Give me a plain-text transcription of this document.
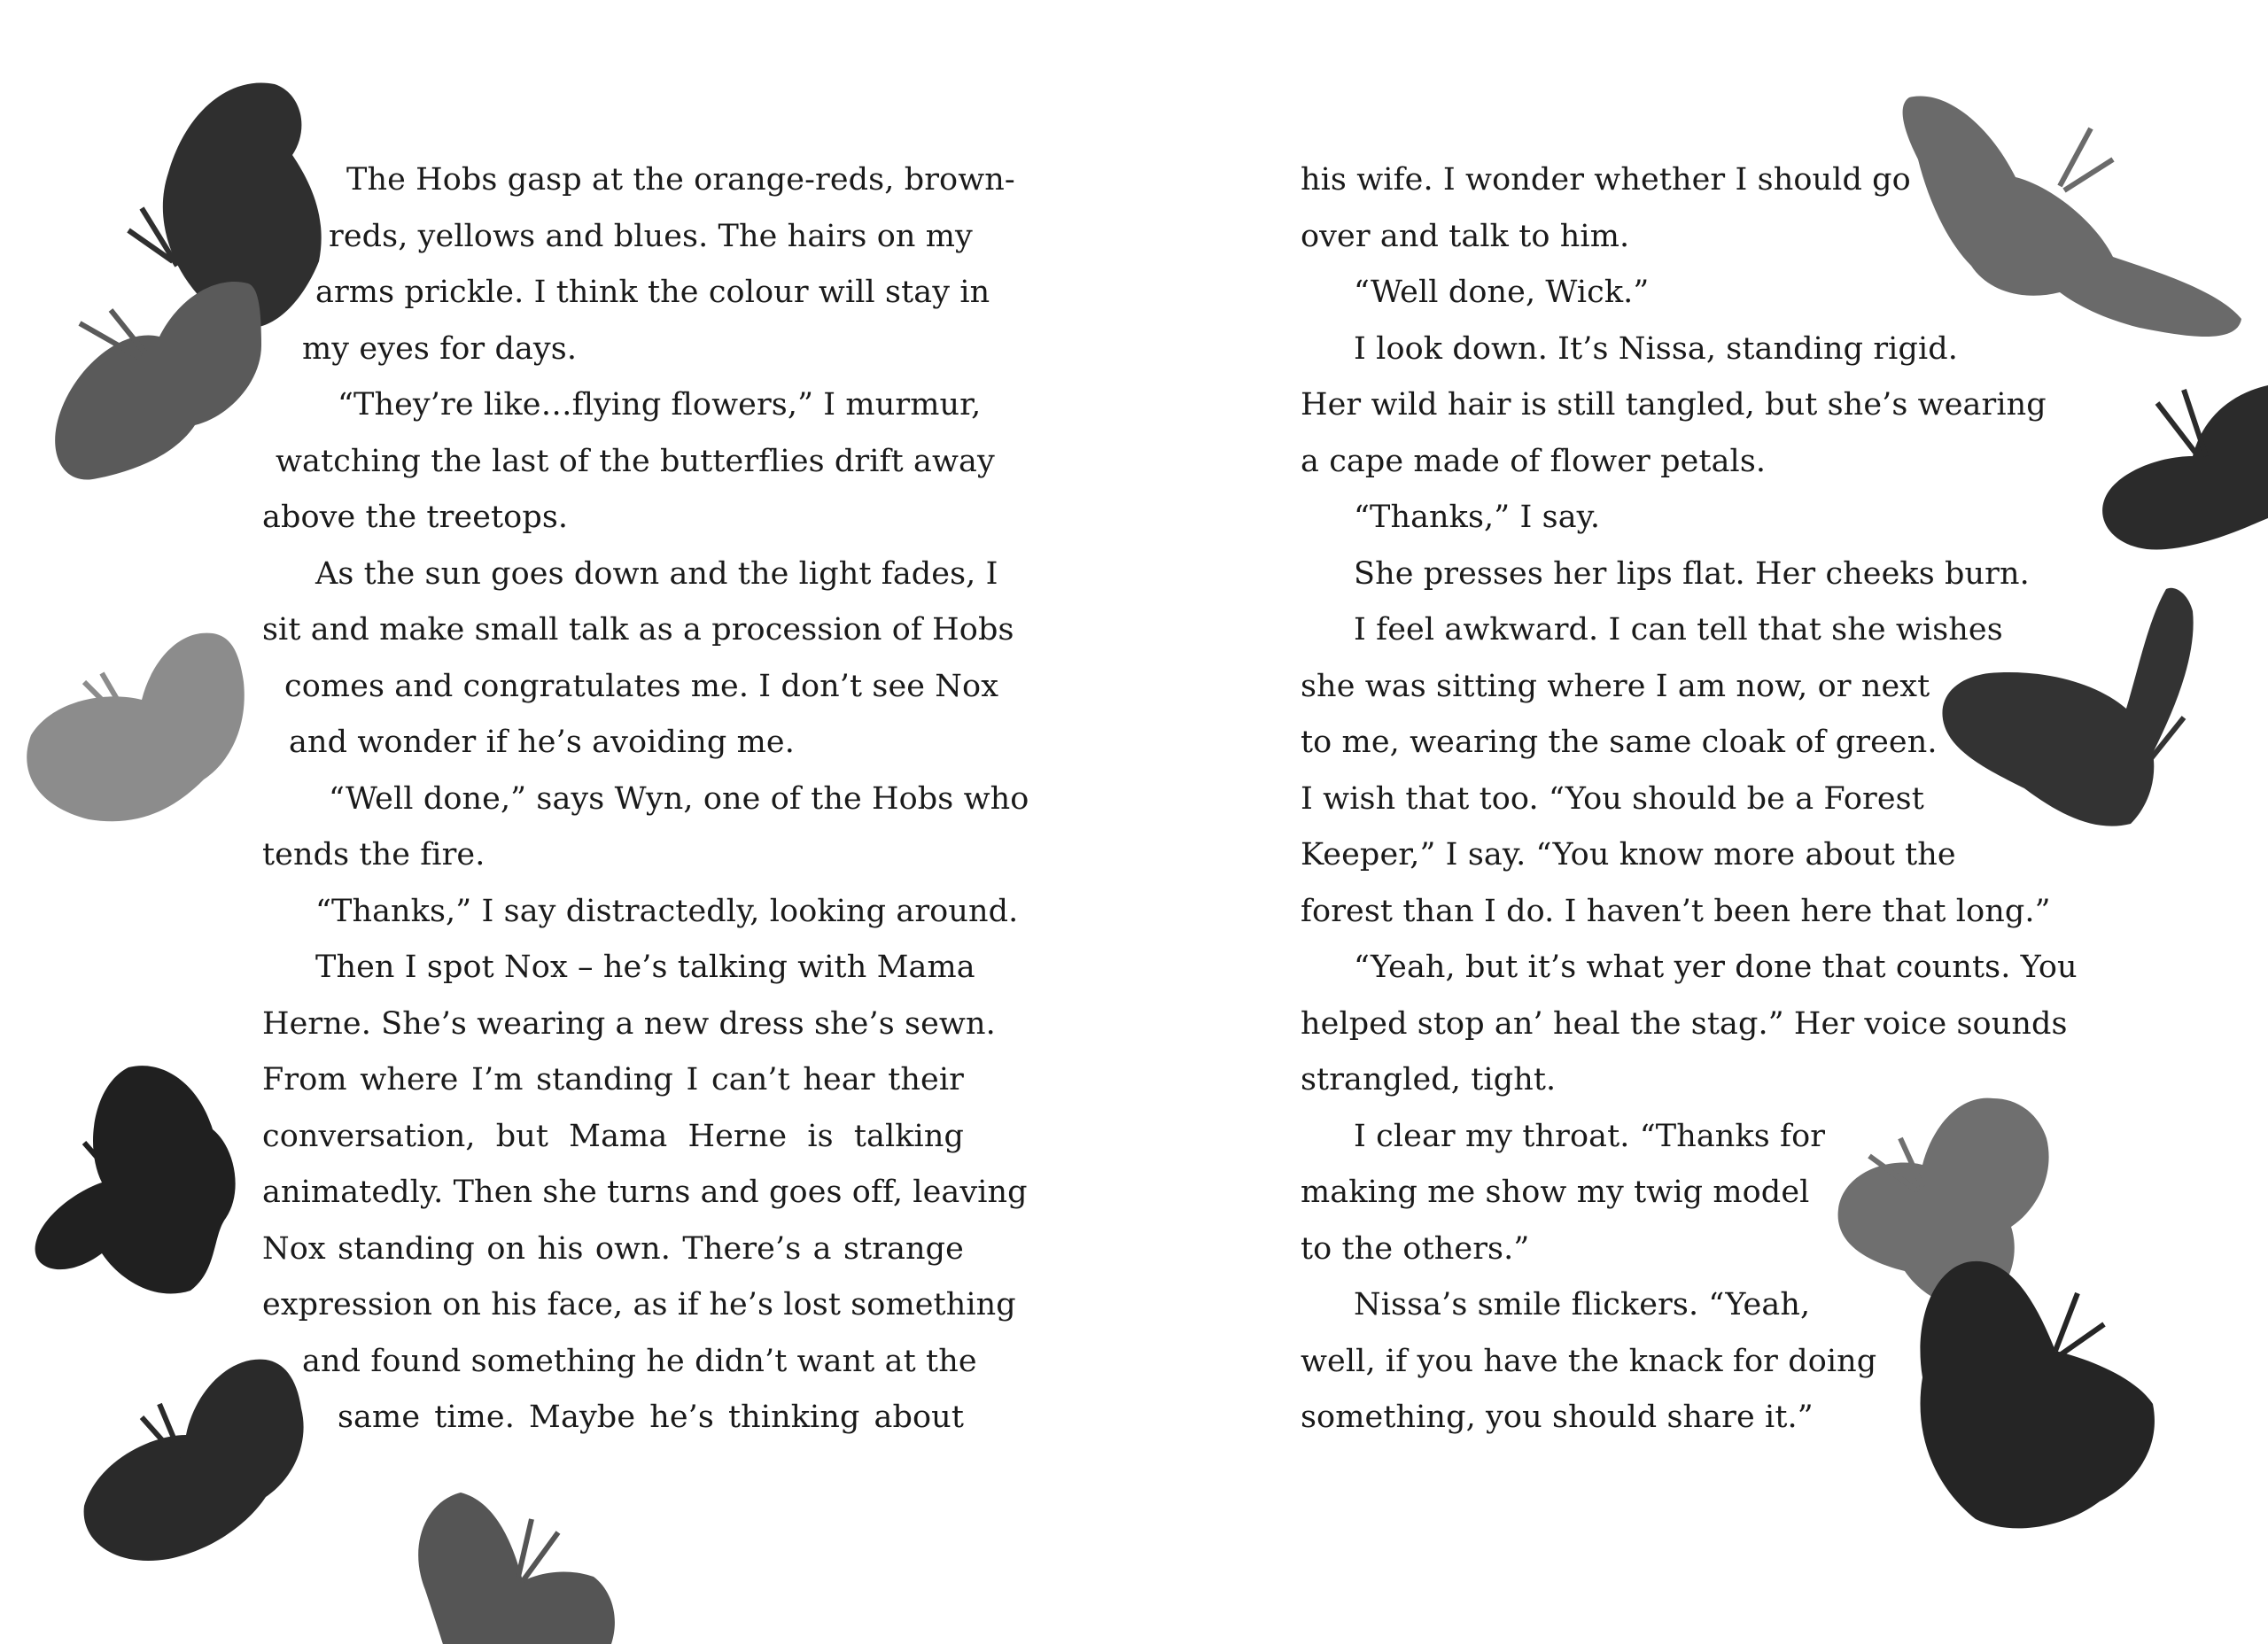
The Hobs gasp at the orange-reds, brown-
reds, yellows and blues. The hairs on my
arms prickle. I think the colour will stay in
my eyes for days.
“They’re like…flying flowers,” I murmur,
watching the last of the butterflies drift away
above the treetops.
As the sun goes down and the light fades, I
sit and make small talk as a procession of Hobs
comes and congratulates me. I don’t see Nox
and wonder if he’s avoiding me.
“Well done,” says Wyn, one of the Hobs who
tends the fire.
“Thanks,” I say distractedly, looking around.
Then I spot Nox – he’s talking with Mama
Herne. She’s wearing a new dress she’s sewn.
From where I’m standing I can’t hear their
conversation, but Mama Herne is talking
animatedly. Then she turns and goes off, leaving
Nox standing on his own. There’s a strange
expression on his face, as if he’s lost something
and found something he didn’t want at the
same time. Maybe he’s thinking about
his wife. I wonder whether I should go
over and talk to him.
“Well done, Wick.”
I look down. It’s Nissa, standing rigid.
Her wild hair is still tangled, but she’s wearing
a cape made of flower petals.
“Thanks,” I say.
She presses her lips flat. Her cheeks burn.
I feel awkward. I can tell that she wishes
she was sitting where I am now, or next
to me, wearing the same cloak of green.
I wish that too. “You should be a Forest
Keeper,” I say. “You know more about the
forest than I do. I haven’t been here that long.”
“Yeah, but it’s what yer done that counts. You
helped stop an’ heal the stag.” Her voice sounds
strangled, tight.
I clear my throat. “Thanks for
making me show my twig model
to the others.”
Nissa’s smile flickers. “Yeah,
well, if you have the knack for doing
something, you should share it.”
